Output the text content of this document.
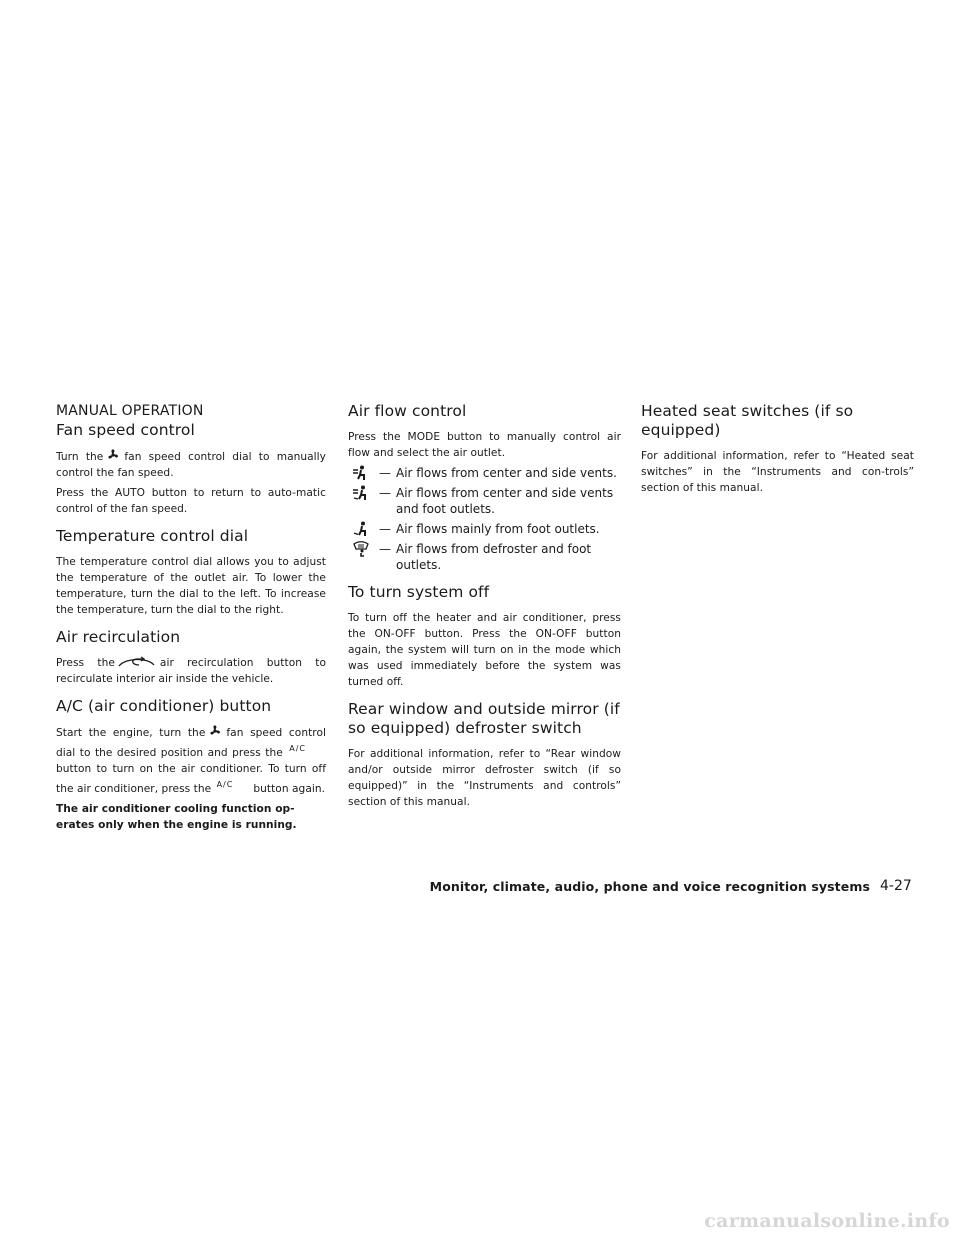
MANUAL OPERATION
Fan speed control

Turn the fan speed control dial to manually control the fan speed.

Press the AUTO button to return to auto-matic control of the fan speed.

Temperature control dial

The temperature control dial allows you to adjust the temperature of the outlet air. To lower the temperature, turn the dial to the left. To increase the temperature, turn the dial to the right.

Air recirculation

Press the	air recirculation button to recirculate interior air inside the vehicle.

A/C (air conditioner) button

Start the engine, turn the fan speed control dial to the desired position and press the A/Cbutton to turn on the air conditioner. To turn off the air conditioner, press the A/C button again.

The air conditioner cooling function op-erates only when the engine is running.

Air flow control

Press the MODE button to manually control air flow and select the air outlet.

— Air flows from center and side vents.
— Air flows from center and side vents and foot outlets.
— Air flows mainly from foot outlets.
— Air flows from defroster and foot outlets.
To turn system off

To turn off the heater and air conditioner, press the ON-OFF button. Press the ON-OFF button again, the system will turn on in the mode which was used immediately before the system was turned off.

Rear window and outside mirror (if so equipped) defroster switch

For additional information, refer to “Rear window and/or outside mirror defroster switch (if so equipped)” in the “Instruments and controls” section of this manual.

Heated seat switches (if so equipped)

For additional information, refer to “Heated seat switches” in the “Instruments and con-trols” section of this manual.

Monitor, climate, audio, phone and voice recognition systems 4-27
carmanualsonline.info
